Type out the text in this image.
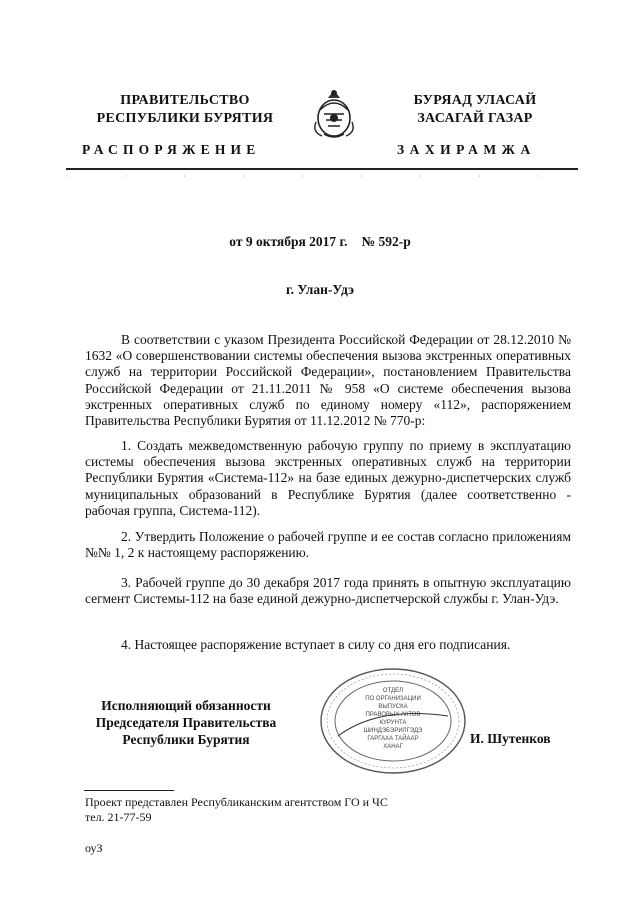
ПРАВИТЕЛЬСТВО
РЕСПУБЛИКИ БУРЯТИЯ
БУРЯАД УЛАСАЙ
ЗАСАГАЙ ГАЗАР
РАСПОРЯЖЕНИЕ	ЗАХИРАМЖА
от 9 октября 2017 г. № 592-р
г. Улан-Удэ

В соответствии с указом Президента Российской Федерации от 28.12.2010 № 1632 «О совершенствовании системы обеспечения вызова экстренных оперативных служб на территории Российской Федерации», постановлением Правительства Российской Федерации от 21.11.2011 № 958 «О системе обеспечения вызова экстренных оперативных служб по единому номеру «112», распоряжением Правительства Республики Бурятия от 11.12.2012 № 770-р:

1. Создать межведомственную рабочую группу по приему в эксплуатацию системы обеспечения вызова экстренных оперативных служб на территории Республики Бурятия «Система-112» на базе единых дежурно-диспетчерских служб муниципальных образований в Республике Бурятия (далее соответственно - рабочая группа, Система-112).

2. Утвердить Положение о рабочей группе и ее состав согласно приложениям №№ 1, 2 к настоящему распоряжению.

3. Рабочей группе до 30 декабря 2017 года принять в опытную эксплуатацию сегмент Системы-112 на базе единой дежурно-диспетчерской службы г. Улан-Удэ.

4. Настоящее распоряжение вступает в силу со дня его подписания.

Исполняющий обязанности
Председателя Правительства
Республики Бурятия
ОТДЕЛ
ПО ОРГАНИЗАЦИИ
ВЫПУСКА
ПРАВОВЫХ АКТОВ
КУРУНТА
ШИНДЭБЭРИЛГЭДЭ
ГАРГАХА ТАЙААР
ХАНАГ
И. Шутенков
Проект представлен Республиканским агентством ГО и ЧС
тел. 21-77-59
оуЗ
